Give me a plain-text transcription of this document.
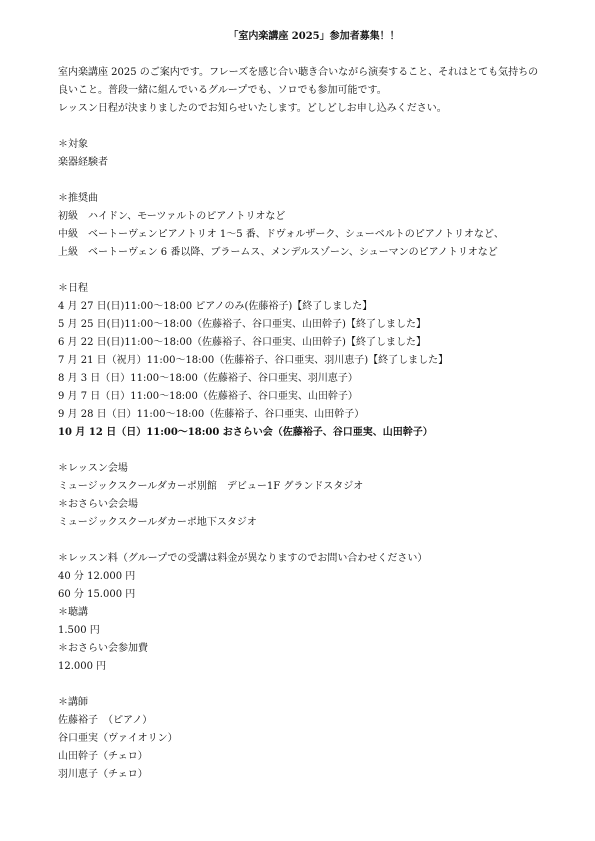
「室内楽講座 2025」参加者募集！！
室内楽講座 2025 のご案内です。フレーズを感じ合い聴き合いながら演奏すること、それはとても気持ちの
良いこと。普段一緒に組んでいるグループでも、ソロでも参加可能です。
レッスン日程が決まりましたのでお知らせいたします。どしどしお申し込みください。
＊対象
楽器経験者
＊推奨曲
初級　ハイドン、モーツァルトのピアノトリオなど
中級　ベートーヴェンピアノトリオ 1～5 番、ドヴォルザーク、シューベルトのピアノトリオなど、
上級　ベートーヴェン 6 番以降、ブラームス、メンデルスゾーン、シューマンのピアノトリオなど
＊日程
4 月 27 日(日)11:00～18:00 ピアノのみ(佐藤裕子)【終了しました】
5 月 25 日(日)11:00～18:00（佐藤裕子、谷口亜実、山田幹子)【終了しました】
6 月 22 日(日)11:00～18:00（佐藤裕子、谷口亜実、山田幹子)【終了しました】
7 月 21 日（祝月）11:00～18:00（佐藤裕子、谷口亜実、羽川恵子)【終了しました】
8 月 3 日（日）11:00～18:00（佐藤裕子、谷口亜実、羽川恵子）
9 月 7 日（日）11:00～18:00（佐藤裕子、谷口亜実、山田幹子）
9 月 28 日（日）11:00～18:00（佐藤裕子、谷口亜実、山田幹子）
10 月 12 日（日）11:00～18:00 おさらい会（佐藤裕子、谷口亜実、山田幹子）
＊レッスン会場
ミュージックスクールダカーポ別館　デビュー1F グランドスタジオ
＊おさらい会会場
ミュージックスクールダカーポ地下スタジオ
＊レッスン料（グループでの受講は料金が異なりますのでお問い合わせください）
40 分 12.000 円
60 分 15.000 円
＊聴講
1.500 円
＊おさらい会参加費
12.000 円
＊講師
佐藤裕子　（ピアノ）
谷口亜実（ヴァイオリン）
山田幹子（チェロ）
羽川恵子（チェロ）
